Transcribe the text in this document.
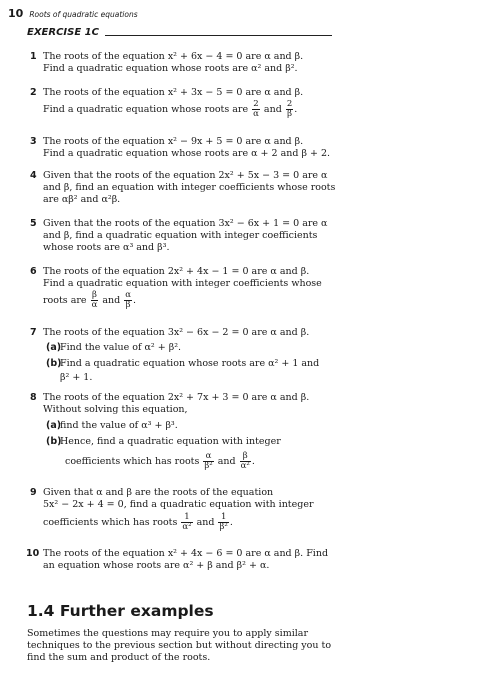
10 Roots of quadratic equations
EXERCISE 1C
1 The roots of the equation x² + 6x − 4 = 0 are α and β.
Find a quadratic equation whose roots are α² and β².
2 The roots of the equation x² + 3x − 5 = 0 are α and β.
Find a quadratic equation whose roots are $\frac{2}{\alpha}$ and $\frac{2}{\beta}$ .
3 The roots of the equation x² − 9x + 5 = 0 are α and β.
Find a quadratic equation whose roots are α + 2 and β + 2.
4 Given that the roots of the equation 2x² + 5x − 3 = 0 are α
and β, find an equation with integer coefficients whose roots
are αβ² and α²β.
5 Given that the roots of the equation 3x² − 6x + 1 = 0 are α
and β, find a quadratic equation with integer coefficients
whose roots are α³ and β³.
6 The roots of the equation 2x² + 4x − 1 = 0 are α and β.
Find a quadratic equation with integer coefficients whose
roots are $\frac{\beta}{\alpha}$ and $\frac{\alpha}{\beta}$ .
7 The roots of the equation 3x² − 6x − 2 = 0 are α and β.
(a)
Find the value of α² + β².
(b)
Find a quadratic equation whose roots are α² + 1 and
β² + 1.
8 The roots of the equation 2x² + 7x + 3 = 0 are α and β.
Without solving this equation,
(a)
find the value of α³ + β³.
(b)
Hence, find a quadratic equation with integer
coefficients which has roots $\frac{\alpha}{\text{β²}}$ and $\frac{\beta}{\text{α²}}$ .
9 Given that α and β are the roots of the equation
5x² − 2x + 4 = 0, find a quadratic equation with integer
coefficients which has roots $\frac{1}{\text{α²}}$ and $\frac{1}{\text{β²}}$ .
10 The roots of the equation x² + 4x − 6 = 0 are α and β. Find
an equation whose roots are α² + β and β² + α.
1.4 Further examples
Sometimes the questions may require you to apply similar
techniques to the previous section but without directing you to
find the sum and product of the roots.
